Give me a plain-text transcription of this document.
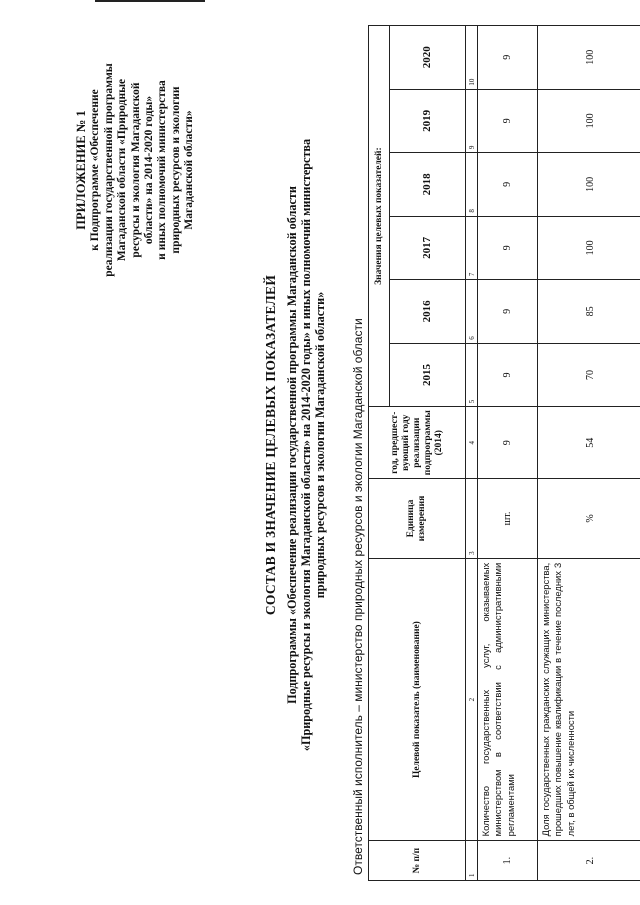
ПРИЛОЖЕНИЕ № 1
к Подпрограмме «Обеспечение
реализации государственной программы
Магаданской области «Природные
ресурсы и экология Магаданской
области» на 2014-2020 годы»
и иных полномочий министерства
природных ресурсов и экологии
Магаданской области»
СОСТАВ И ЗНАЧЕНИЕ ЦЕЛЕВЫХ ПОКАЗАТЕЛЕЙ
Подпрограммы «Обеспечение реализации государственной программы Магаданской области
«Природные ресурсы и экология Магаданской области» на 2014-2020 годы» и иных полномочий министерства
природных ресурсов и экологии Магаданской области»
Ответственный исполнитель – министерство природных ресурсов и экологии Магаданской области	№ п/п	Целевой показатель (наименование)	Единица измерения	год, предшест-вующий году реализации подпрограммы (2014)	Значения целевых показателей:					
				2015	2016	2017	2018	2019	2020
1	2	3	4	5	6	7	8	9	10
1.	Количество государственных услуг, оказываемых министерством в соответствии с административными регламентами	шт.	9	9	9	9	9	9	9
2.	Доля государственных гражданских служащих министерства, прошедших повышение квалификации в течение последних 3 лет, в общей их численности	%	54	70	85	100	100	100	100
